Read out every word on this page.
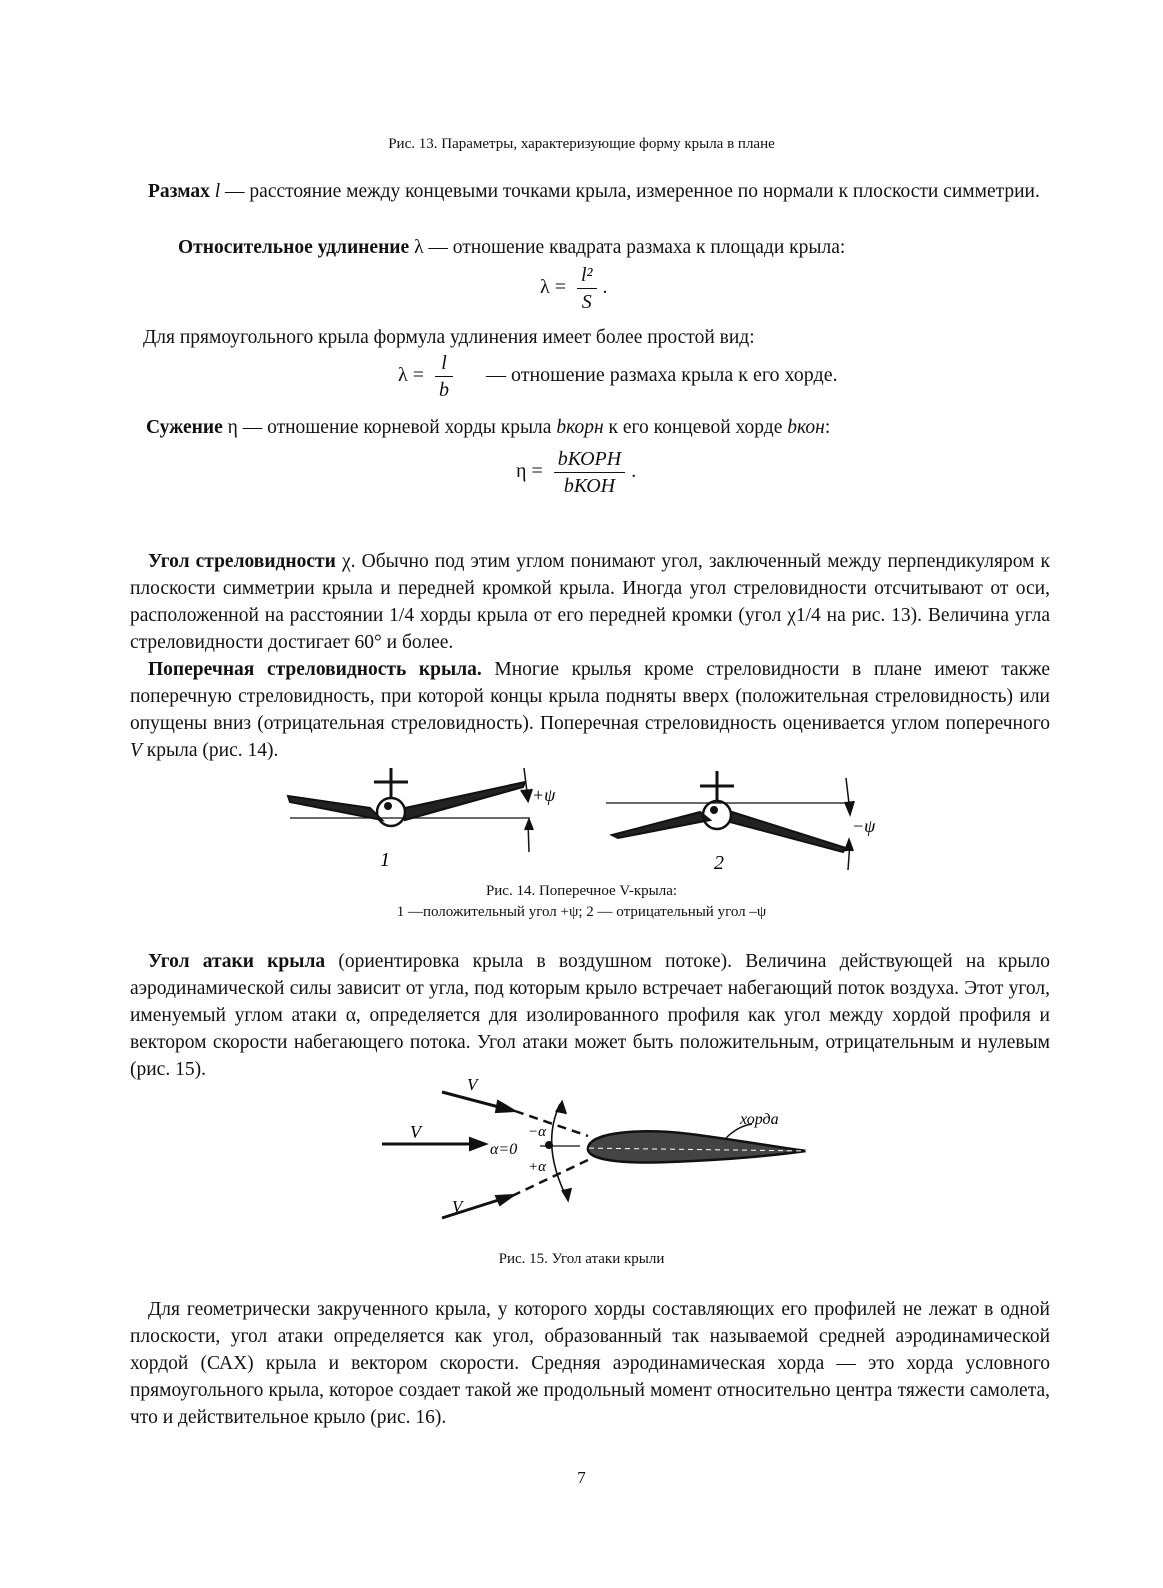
Рис. 13. Параметры, характеризующие форму крыла в плане
Размах l — расстояние между концевыми точками крыла, измеренное по нормали к плоскости симметрии.
Относительное удлинение λ — отношение квадрата размаха к площади крыла:
$\lambda = \frac{\text{l²}}{S}$ .
Для прямоугольного крыла формула удлинения имеет более простой вид:
$\lambda = \frac{l}{b}$ — отношение размаха крыла к его хорде.
Сужение η — отношение корневой хорды крыла bкорн к его концевой хорде bкон:
$\eta = \frac{\text{bКОРН}}{\text{bКОН}}$ .
Угол стреловидности χ. Обычно под этим углом понимают угол, заключенный между перпендикуляром к плоскости симметрии крыла и передней кромкой крыла. Иногда угол стреловидности отсчитывают от оси, расположенной на расстоянии 1/4 хорды крыла от его передней кромки (угол χ1/4 на рис. 13). Величина угла стреловидности достигает 60° и более.
Поперечная стреловидность крыла. Многие крылья кроме стреловидности в плане имеют также поперечную стреловидность, при которой концы крыла подняты вверх (положительная стреловидность) или опущены вниз (отрицательная стреловидность). Поперечная стреловидность оценивается углом поперечного V крыла (рис. 14).
1
+ψ
2
−ψ
Рис. 14. Поперечное V-крыла:
1 —положительный угол +ψ; 2 — отрицательный угол –ψ
Угол атаки крыла (ориентировка крыла в воздушном потоке). Величина действующей на крыло аэродинамической силы зависит от угла, под которым крыло встречает набегающий поток воздуха. Этот угол, именуемый углом атаки α, определяется для изолированного профиля как угол между хордой профиля и вектором скорости набегающего потока. Угол атаки может быть положительным, отрицательным и нулевым (рис. 15).
V
V
V
α=0
−α
+α
хорда
Рис. 15. Угол атаки крыли
Для геометрически закрученного крыла, у которого хорды составляющих его профилей не лежат в одной плоскости, угол атаки определяется как угол, образованный так называемой средней аэродинамической хордой (САХ) крыла и вектором скорости. Средняя аэродинамическая хорда — это хорда условного прямоугольного крыла, которое создает такой же продольный момент относительно центра тяжести самолета, что и действительное крыло (рис. 16).
7
